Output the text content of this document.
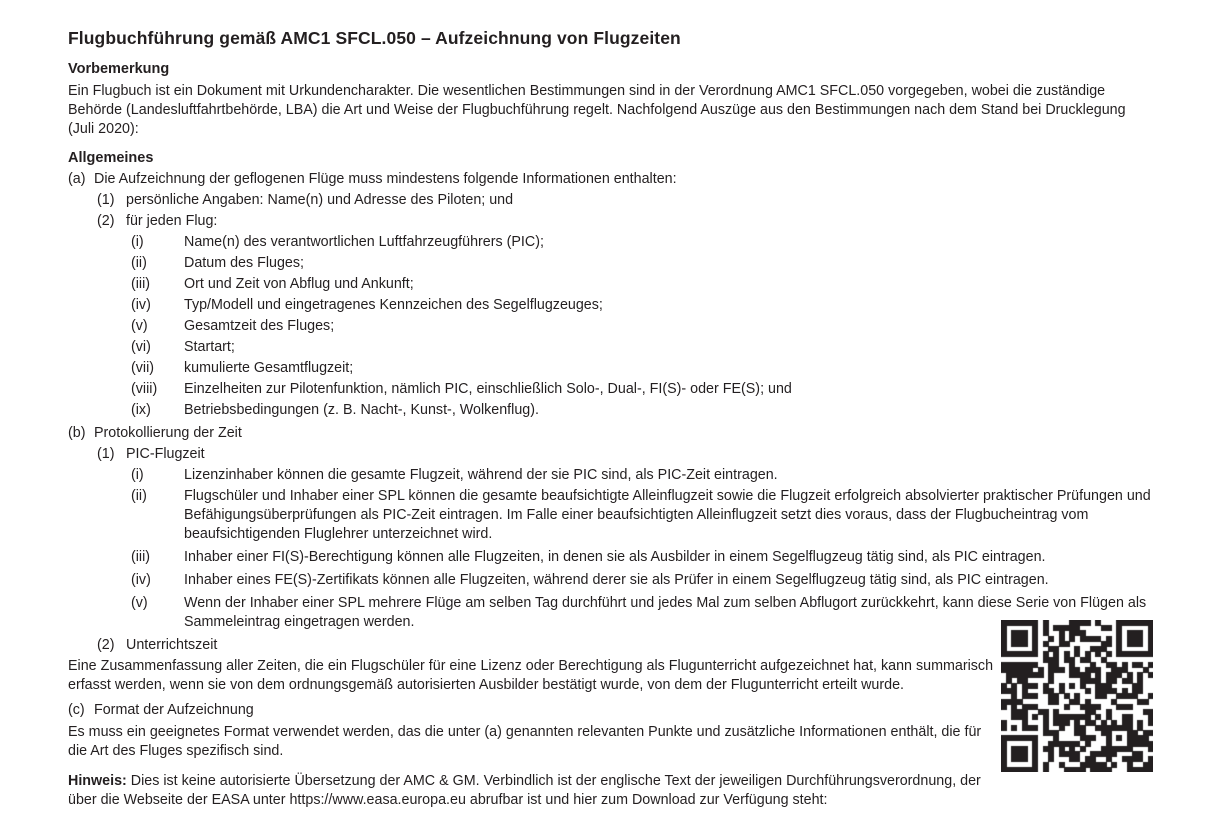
Flugbuchführung gemäß AMC1 SFCL.050 – Aufzeichnung von Flugzeiten
Vorbemerkung

Ein Flugbuch ist ein Dokument mit Urkundencharakter. Die wesentlichen Bestimmungen sind in der Verordnung AMC1 SFCL.050 vorgegeben, wobei die zuständige Behörde (Landesluftfahrtbehörde, LBA) die Art und Weise der Flugbuchführung regelt. Nachfolgend Auszüge aus den Bestimmungen nach dem Stand bei Drucklegung (Juli 2020):

Allgemeines
(a) Die Aufzeichnung der geflogenen Flüge muss mindestens folgende Informationen enthalten:
(1) persönliche Angaben: Name(n) und Adresse des Piloten; und
(2) für jeden Flug:
(i)	Name(n) des verantwortlichen Luftfahrzeugführers (PIC);
(ii)	Datum des Fluges;
(iii)	Ort und Zeit von Abflug und Ankunft;
(iv)	Typ/Modell und eingetragenes Kennzeichen des Segelflugzeuges;
(v)	Gesamtzeit des Fluges;
(vi)	Startart;
(vii)	kumulierte Gesamtflugzeit;
(viii)	Einzelheiten zur Pilotenfunktion, nämlich PIC, einschließlich Solo-, Dual-, FI(S)- oder FE(S); und
(ix)	Betriebsbedingungen (z. B. Nacht-, Kunst-, Wolkenflug).
(b) Protokollierung der Zeit
(1) PIC-Flugzeit
(i)	Lizenzinhaber können die gesamte Flugzeit, während der sie PIC sind, als PIC-Zeit eintragen.
(ii)	Flugschüler und Inhaber einer SPL können die gesamte beaufsichtigte Alleinflugzeit sowie die Flugzeit erfolgreich absolvierter praktischer Prüfungen und Befähigungsüberprüfungen als PIC-Zeit eintragen. Im Falle einer beaufsichtigten Alleinflugzeit setzt dies voraus, dass der Flugbucheintrag vom beaufsichtigenden Fluglehrer unterzeichnet wird.
(iii)	Inhaber einer FI(S)-Berechtigung können alle Flugzeiten, in denen sie als Ausbilder in einem Segelflugzeug tätig sind, als PIC eintragen.
(iv)	Inhaber eines FE(S)-Zertifikats können alle Flugzeiten, während derer sie als Prüfer in einem Segelflugzeug tätig sind, als PIC eintragen.
(v)	Wenn der Inhaber einer SPL mehrere Flüge am selben Tag durchführt und jedes Mal zum selben Abflugort zurückkehrt, kann diese Serie von Flügen als Sammeleintrag eingetragen werden.
(2) Unterrichtszeit
Eine Zusammenfassung aller Zeiten, die ein Flugschüler für eine Lizenz oder Berechtigung als Flugunterricht aufgezeichnet hat, kann summarisch erfasst werden, wenn sie von dem ordnungsgemäß autorisierten Ausbilder bestätigt wurde, von dem der Flugunterricht erteilt wurde.
(c) Format der Aufzeichnung
Es muss ein geeignetes Format verwendet werden, das die unter (a) genannten relevanten Punkte und zusätzliche Informationen enthält, die für die Art des Fluges spezifisch sind.
Hinweis: Dies ist keine autorisierte Übersetzung der AMC & GM. Verbindlich ist der englische Text der jeweiligen Durchführungsverordnung, der über die Webseite der EASA unter https://www.easa.europa.eu abrufbar ist und hier zum Download zur Verfügung steht:
